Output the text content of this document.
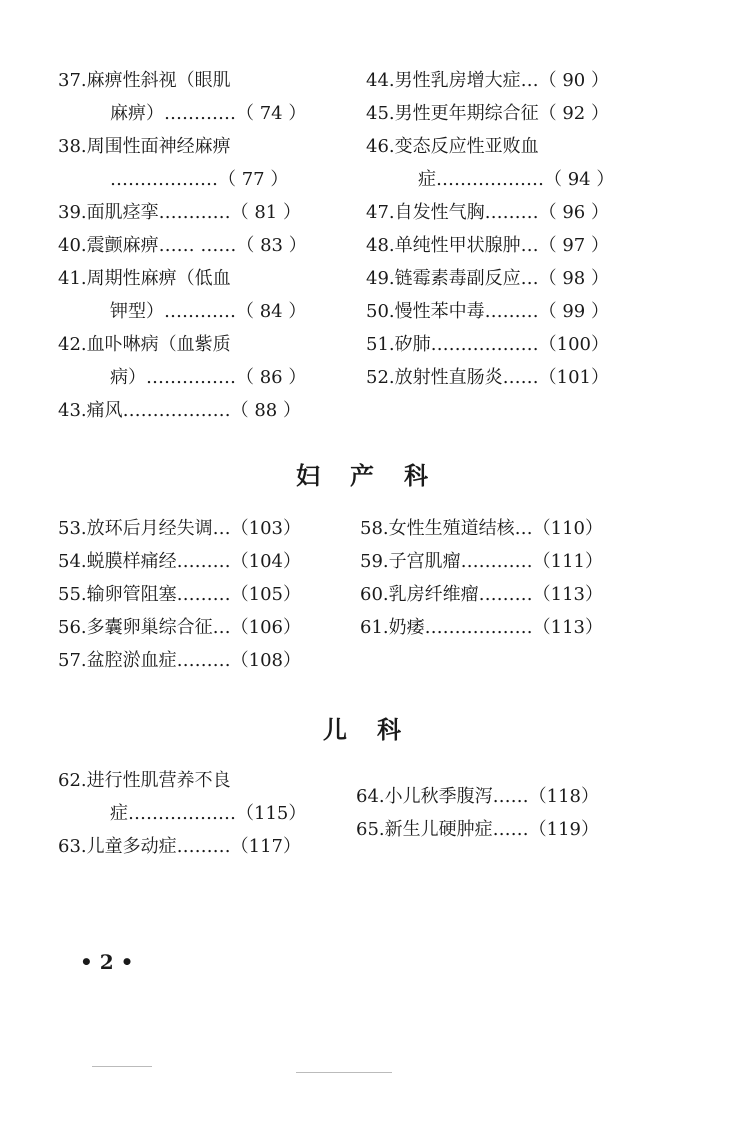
37.麻痹性斜视（眼肌
麻痹）…………（ 74 ）
38.周围性面神经麻痹
………………（ 77 ）
39.面肌痉挛…………（ 81 ）
40.震颤麻痹…… ……（ 83 ）
41.周期性麻痹（低血
钾型）…………（ 84 ）
42.血卟啉病（血紫质
病）……………（ 86 ）
43.痛风………………（ 88 ）
44.男性乳房增大症…（ 90 ）
45.男性更年期综合征（ 92 ）
46.变态反应性亚败血
症………………（ 94 ）
47.自发性气胸………（ 96 ）
48.单纯性甲状腺肿…（ 97 ）
49.链霉素毒副反应…（ 98 ）
50.慢性苯中毒………（ 99 ）
51.矽肺………………（100）
52.放射性直肠炎……（101）
妇产科
53.放环后月经失调…（103）
54.蜕膜样痛经………（104）
55.输卵管阻塞………（105）
56.多囊卵巢综合征…（106）
57.盆腔淤血症………（108）
58.女性生殖道结核…（110）
59.子宫肌瘤…………（111）
60.乳房纤维瘤………（113）
61.奶痿………………（113）
儿科
62.进行性肌营养不良
症………………（115）
63.儿童多动症………（117）
64.小儿秋季腹泻……（118）
65.新生儿硬肿症……（119）
• 2 •
